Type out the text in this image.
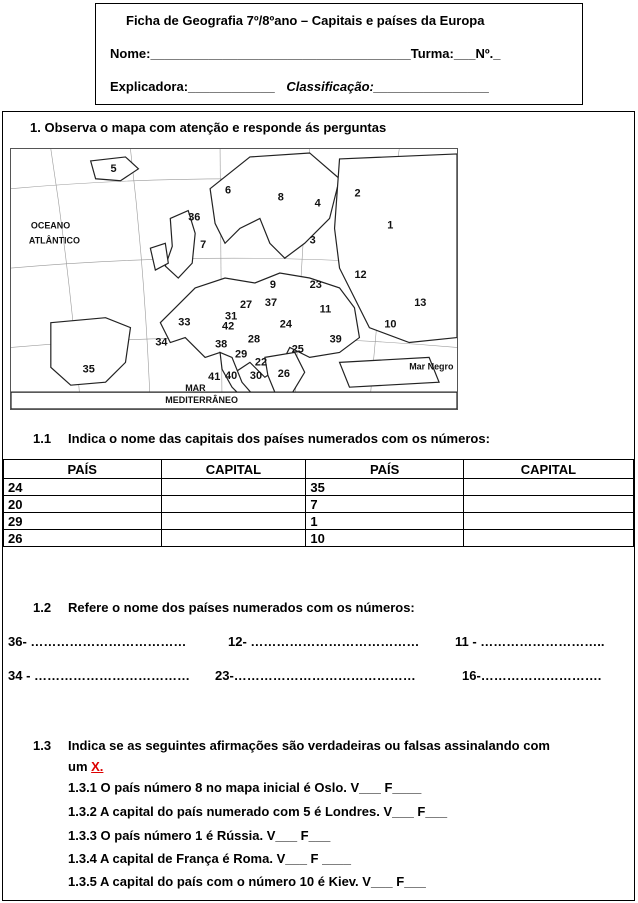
Ficha de Geografia 7º/8ºano – Capitais e países da Europa
Nome:____________________________________Turma:___Nº._
Explicadora:____________ Classificação:________________
1. Observa o mapa com atenção e responde ás perguntas
OCEANO
ATLÂNTICO
Mar Negro
MAR
MEDITERRÂNEO
5
6
8	2
4
1
3
27
31
42
11
13
10
33
34	38 28
29
22
30
40
41
35
36
12
23
24
25
26
7
9
37
39
1.1 Indica o nome das capitais dos países numerados com os números:
PAÍS	CAPITAL	PAÍS	CAPITAL
24		35	
20		7	
29		1	
26		10	
1.2 Refere o nome dos países numerados com os números:
36- ………………………………	12- …………………………………	11 - ………………………..
34 - ……………………………… 23-……………………………………	16-……………………….
1.3 Indica se as seguintes afirmações são verdadeiras ou falsas assinalando com
um X.
1.3.1 O país número 8 no mapa inicial é Oslo. V___ F____
1.3.2 A capital do país numerado com 5 é Londres. V___ F___
1.3.3 O país número 1 é Rússia. V___ F___
1.3.4 A capital de França é Roma. V___ F ____
1.3.5 A capital do país com o número 10 é Kiev. V___ F___
